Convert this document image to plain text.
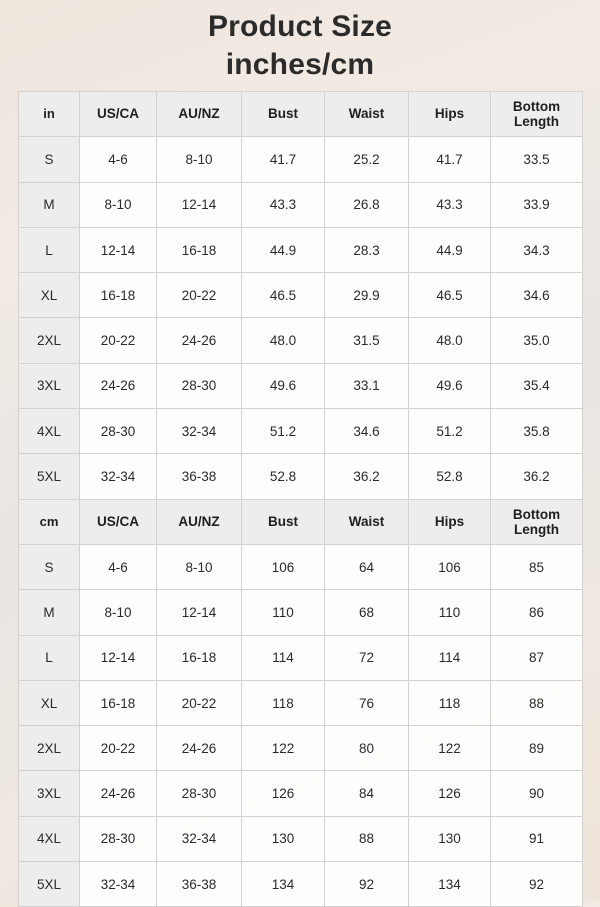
Product Size
inches/cm
in	US/CA	AU/NZ	Bust	Waist	Hips	Bottom
Length

S	4-6	8-10	41.7	25.2	41.7	33.5
M	8-10	12-14	43.3	26.8	43.3	33.9
L	12-14	16-18	44.9	28.3	44.9	34.3
XL	16-18	20-22	46.5	29.9	46.5	34.6
2XL	20-22	24-26	48.0	31.5	48.0	35.0
3XL	24-26	28-30	49.6	33.1	49.6	35.4
4XL	28-30	32-34	51.2	34.6	51.2	35.8
5XL	32-34	36-38	52.8	36.2	52.8	36.2
cm	US/CA	AU/NZ	Bust	Waist	Hips	Bottom
Length

S	4-6	8-10	106	64	106	85
M	8-10	12-14	110	68	110	86
L	12-14	16-18	114	72	114	87
XL	16-18	20-22	118	76	118	88
2XL	20-22	24-26	122	80	122	89
3XL	24-26	28-30	126	84	126	90
4XL	28-30	32-34	130	88	130	91
5XL	32-34	36-38	134	92	134	92
